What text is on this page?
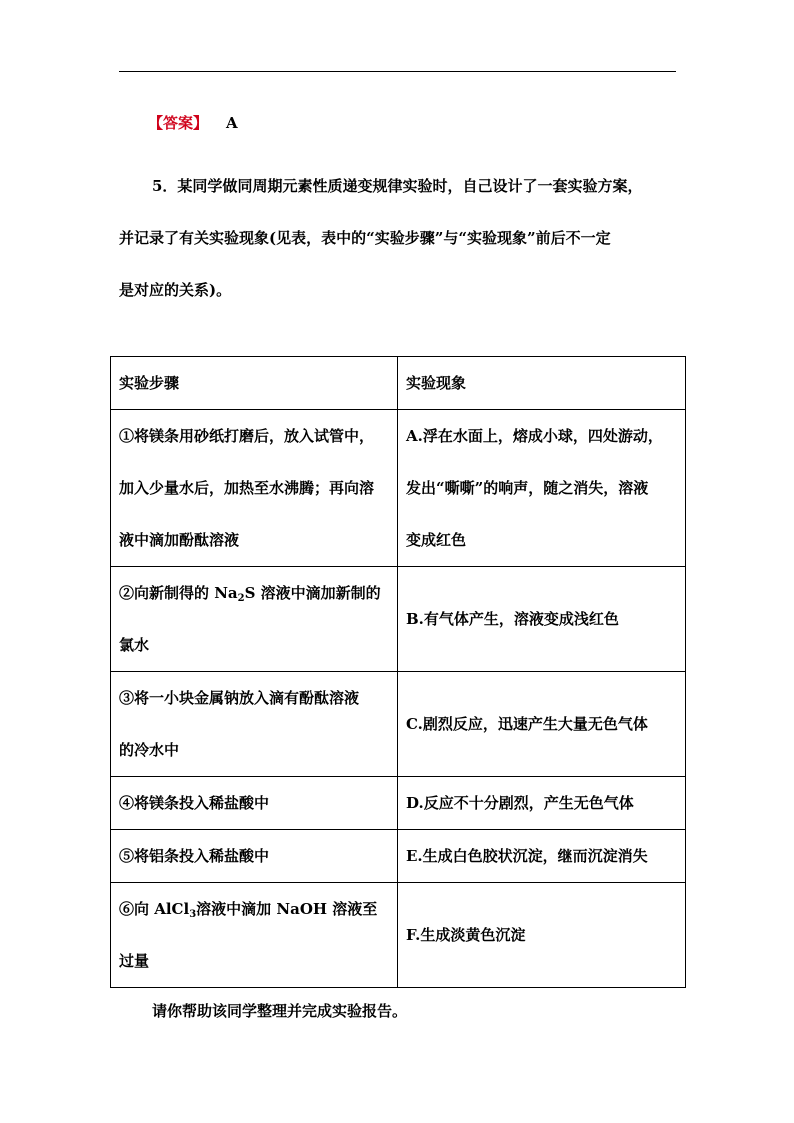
【答案】 A

5．某同学做同周期元素性质递变规律实验时，自己设计了一套实验方案，
并记录了有关实验现象(见表，表中的“实验步骤”与“实验现象”前后不一定
是对应的关系)。

实验步骤	实验现象

①将镁条用砂纸打磨后，放入试管中，
加入少量水后，加热至水沸腾；再向溶
液中滴加酚酞溶液	A.浮在水面上，熔成小球，四处游动，
发出“嘶嘶”的响声，随之消失，溶液
变成红色

②向新制得的 $Na_2S$ 溶液中滴加新制的
氯水	B.有气体产生，溶液变成浅红色

③将一小块金属钠放入滴有酚酞溶液
的冷水中	C.剧烈反应，迅速产生大量无色气体
④将镁条投入稀盐酸中	D.反应不十分剧烈，产生无色气体
⑤将铝条投入稀盐酸中	E.生成白色胶状沉淀，继而沉淀消失

⑥向 AlCl$_3$溶液中滴加 NaOH 溶液至
过量	F.生成淡黄色沉淀
请你帮助该同学整理并完成实验报告。
